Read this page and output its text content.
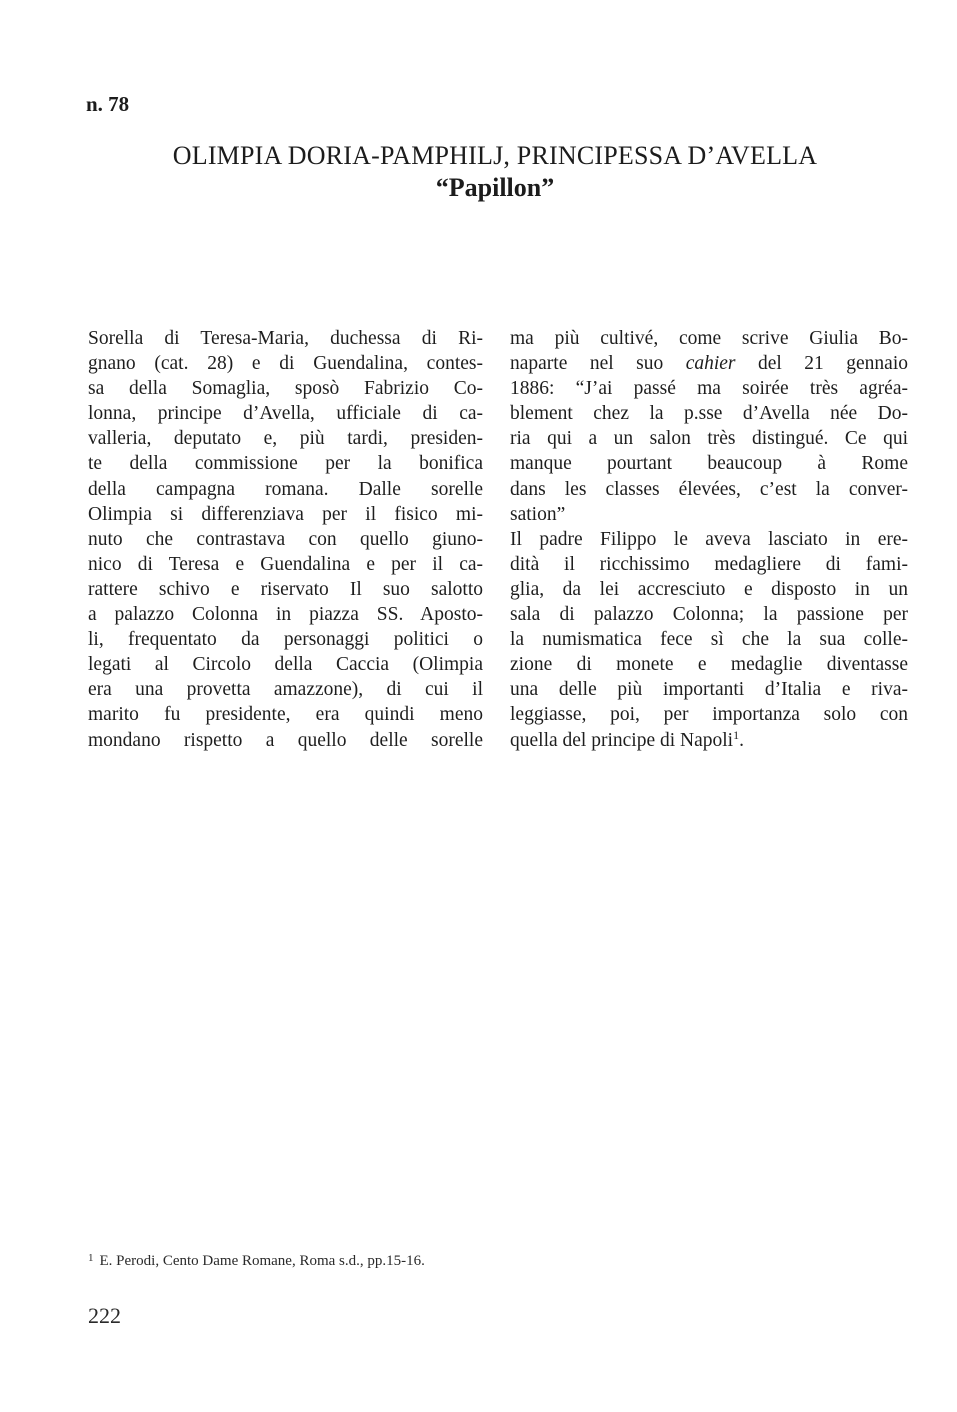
n. 78
OLIMPIA DORIA-PAMPHILJ, PRINCIPESSA D’AVELLA
“Papillon”
Sorella di Teresa-Maria, duchessa di Ri-
gnano (cat. 28) e di Guendalina, contes-
sa della Somaglia, sposò Fabrizio Co-
lonna, principe d’Avella, ufficiale di ca-
valleria, deputato e, più tardi, presiden-
te della commissione per la bonifica
della campagna romana. Dalle sorelle
Olimpia si differenziava per il fisico mi-
nuto che contrastava con quello giuno-
nico di Teresa e Guendalina e per il ca-
rattere schivo e riservato Il suo salotto
a palazzo Colonna in piazza SS. Aposto-
li, frequentato da personaggi politici o
legati al Circolo della Caccia (Olimpia
era una provetta amazzone), di cui il
marito fu presidente, era quindi meno
mondano rispetto a quello delle sorelle
ma più cultivé, come scrive Giulia Bo-
naparte nel suo cahier del 21 gennaio
1886: “J’ai passé ma soirée très agréa-
blement chez la p.sse d’Avella née Do-
ria qui a un salon très distingué. Ce qui
manque pourtant beaucoup à Rome
dans les classes élevées, c’est la conver-
sation”
Il padre Filippo le aveva lasciato in ere-
dità il ricchissimo medagliere di fami-
glia, da lei accresciuto e disposto in un
sala di palazzo Colonna; la passione per
la numismatica fece sì che la sua colle-
zione di monete e medaglie diventasse
una delle più importanti d’Italia e riva-
leggiasse, poi, per importanza solo con
quella del principe di Napoli$^1$.
$^1$ E. Perodi, Cento Dame Romane, Roma s.d., pp.15-16.
222
